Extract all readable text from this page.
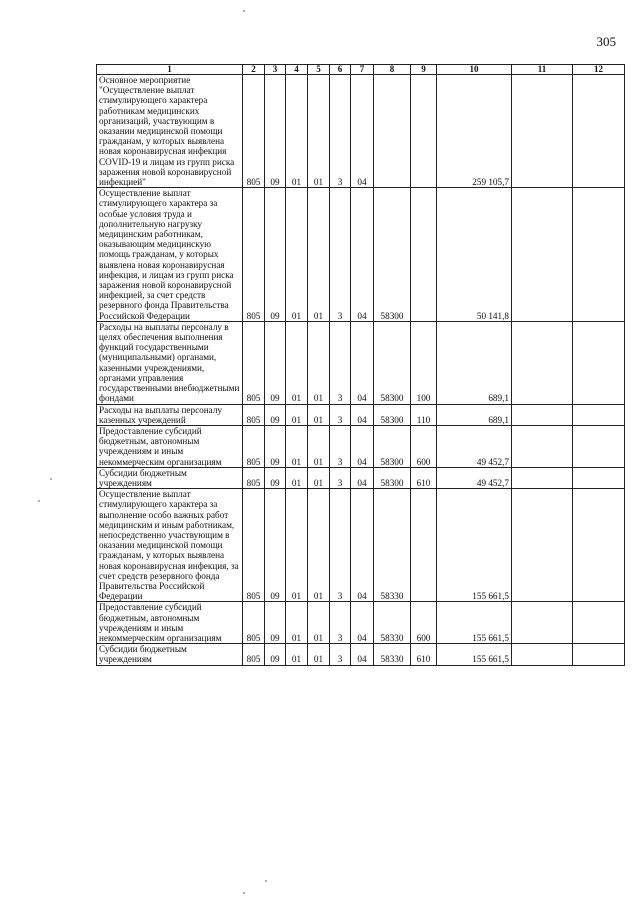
305
1	2	3	4	5	6	7	8	9	10	11	12
Основное мероприятие "Осуществление выплат стимулирующего характера работникам медицинских организаций, участвующим в оказании медицинской помощи гражданам, у которых выявлена новая коронавирусная инфекция COVID-19 и лицам из групп риска заражения новой коронавирусной инфекцией"	805	09	01	01	3	04			259 105,7		
Осуществление выплат стимулирующего характера за особые условия труда и дополнительную нагрузку медицинским работникам, оказывающим медицинскую помощь гражданам, у которых выявлена новая коронавирусная инфекция, и лицам из групп риска заражения новой коронавирусной инфекцией, за счет средств резервного фонда Правительства Российской Федерации	805	09	01	01	3	04	58300		50 141,8		
Расходы на выплаты персоналу в целях обеспечения выполнения функций государственными (муниципальными) органами, казенными учреждениями, органами управления государственными внебюджетными фондами	805	09	01	01	3	04	58300	100	689,1		
Расходы на выплаты персоналу казенных учреждений	805	09	01	01	3	04	58300	110	689,1		
Предоставление субсидий бюджетным, автономным учреждениям и иным некоммерческим организациям	805	09	01	01	3	04	58300	600	49 452,7		
Субсидии бюджетным учреждениям	805	09	01	01	3	04	58300	610	49 452,7		
Осуществление выплат стимулирующего характера за выполнение особо важных работ медицинским и иным работникам, непосредственно участвующим в оказании медицинской помощи гражданам, у которых выявлена новая коронавирусная инфекция, за счет средств резервного фонда Правительства Российской Федерации	805	09	01	01	3	04	58330		155 661,5		
Предоставление субсидий бюджетным, автономным учреждениям и иным некоммерческим организациям	805	09	01	01	3	04	58330	600	155 661,5		
Субсидии бюджетным учреждениям	805	09	01	01	3	04	58330	610	155 661,5		
